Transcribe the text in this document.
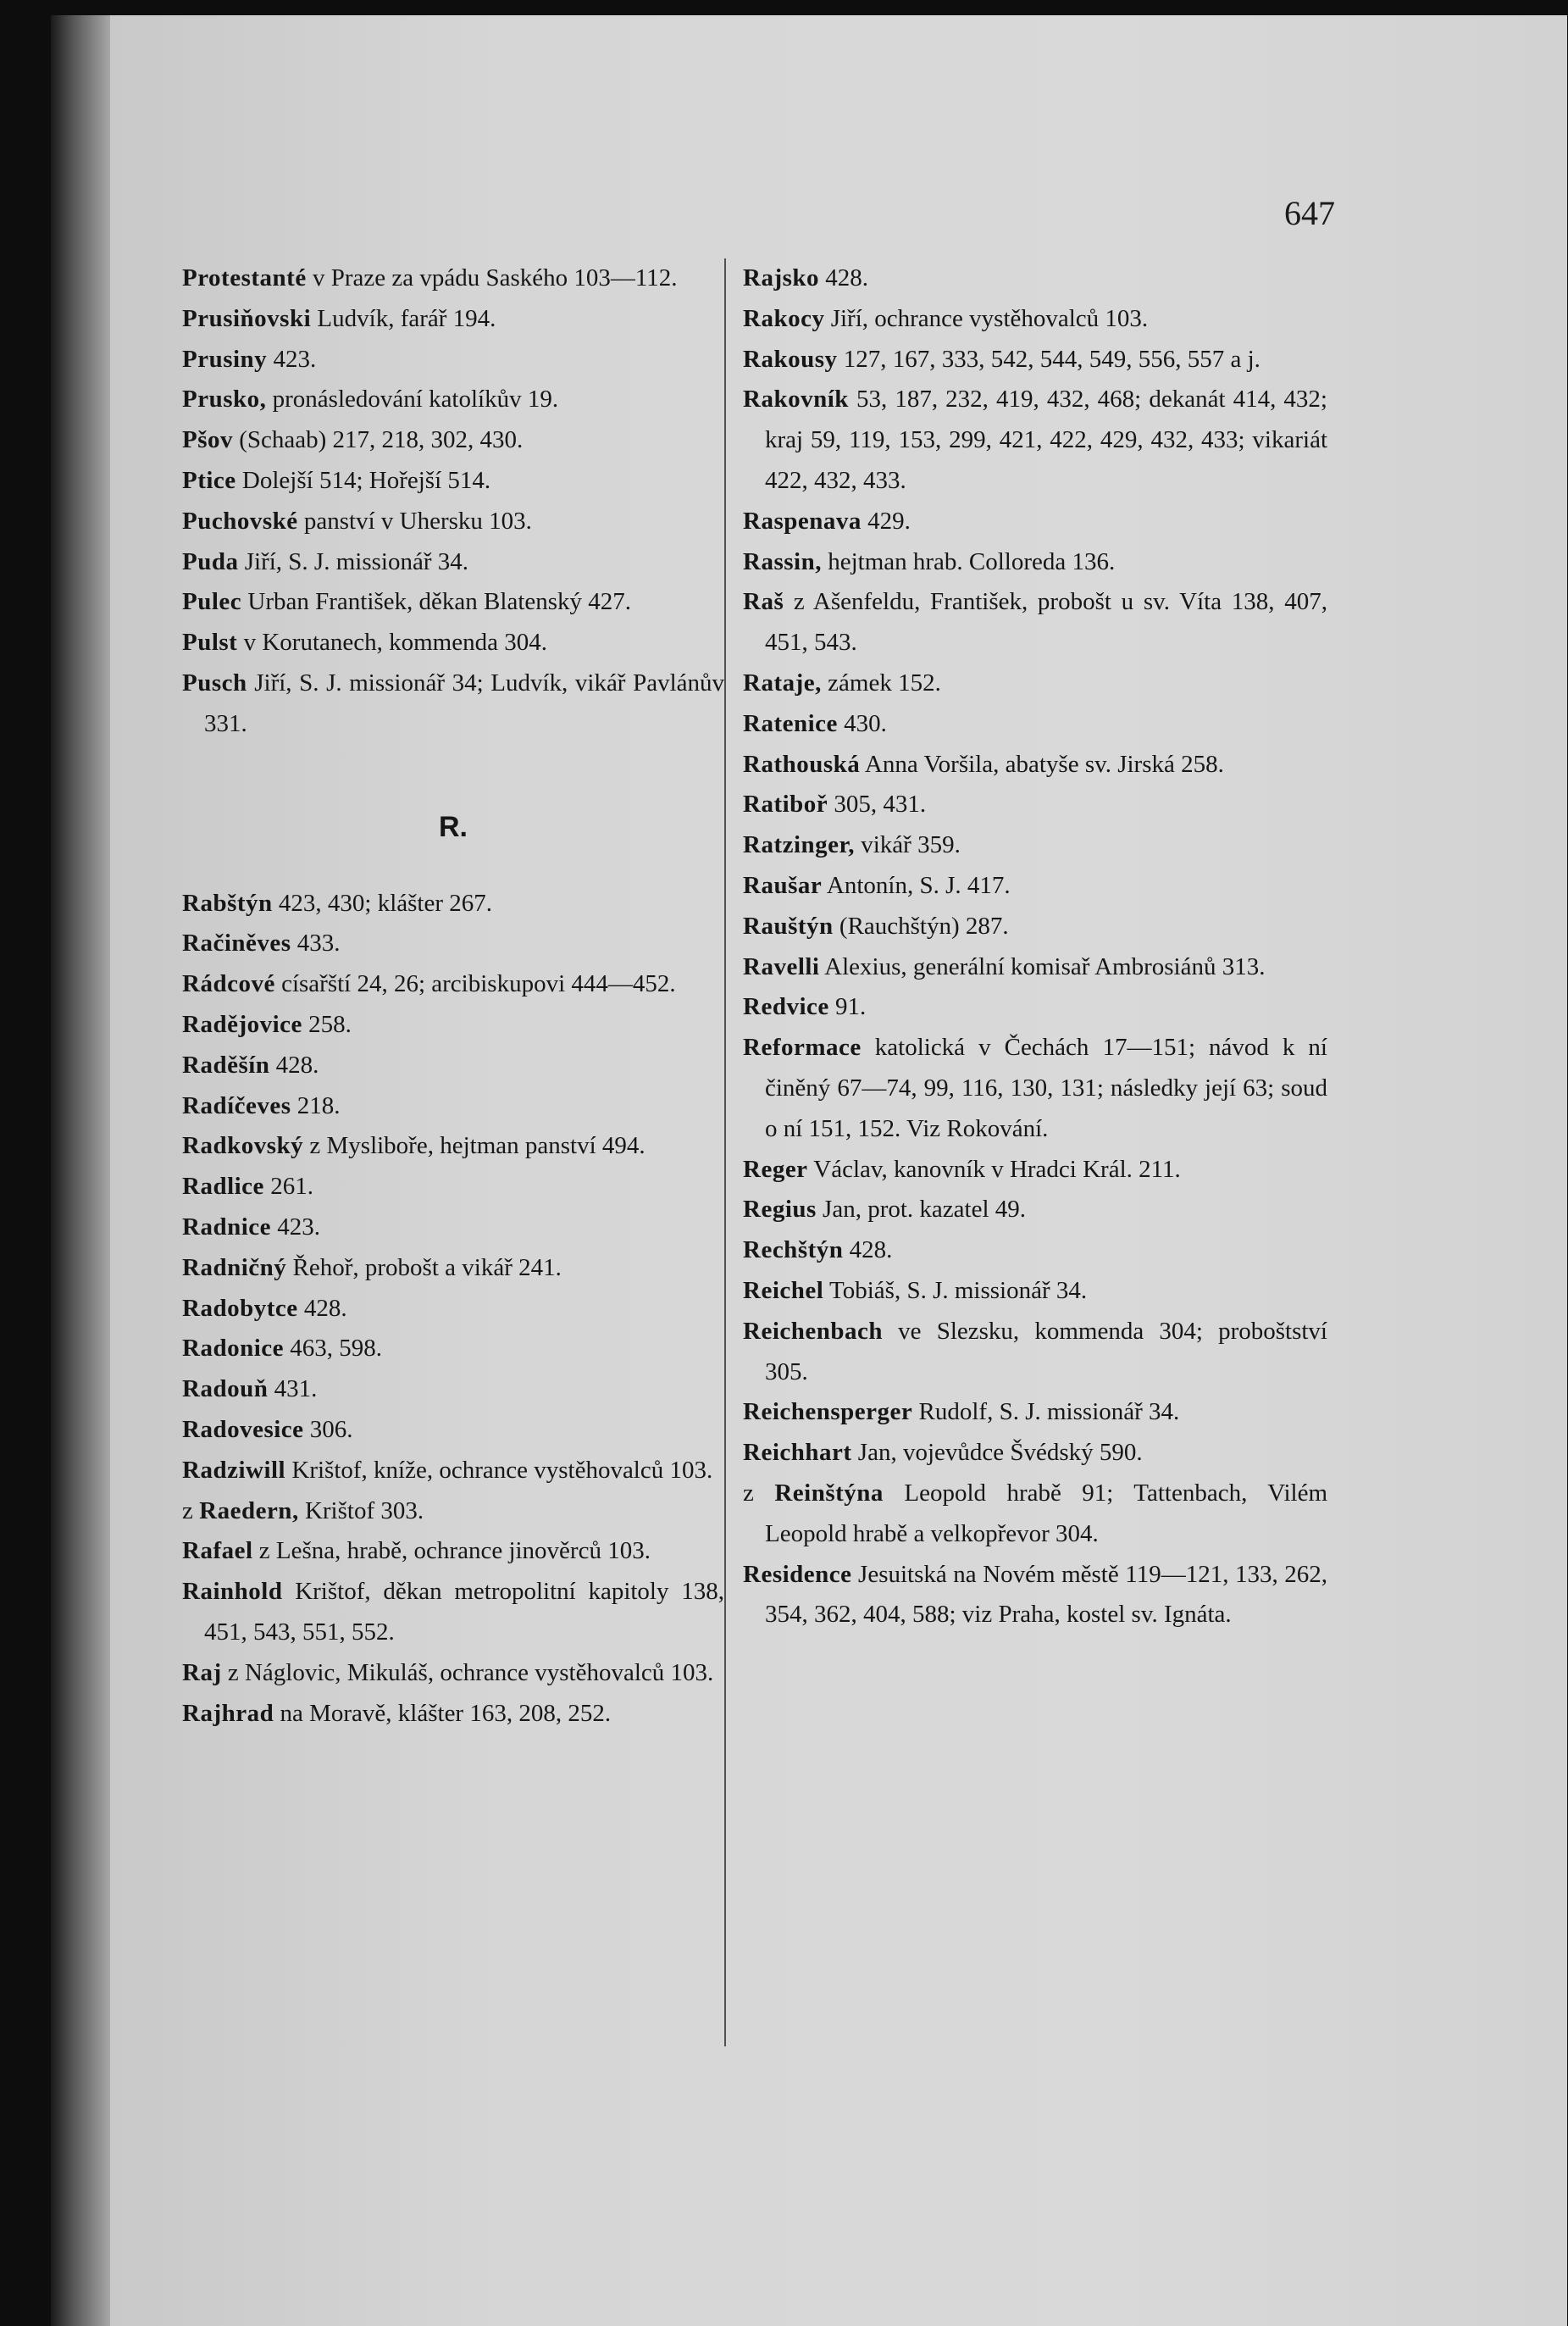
647

Protestanté v Praze za vpádu Saského 103—112.

Prusiňovski Ludvík, farář 194.

Prusiny 423.

Prusko, pronásledování katolíkův 19.

Pšov (Schaab) 217, 218, 302, 430.

Ptice Dolejší 514; Hořejší 514.

Puchovské panství v Uhersku 103.

Puda Jiří, S. J. missionář 34.

Pulec Urban František, děkan Blatenský 427.

Pulst v Korutanech, kommenda 304.

Pusch Jiří, S. J. missionář 34; Ludvík, vikář Pavlánův 331.

R.

Rabštýn 423, 430; klášter 267.

Račiněves 433.

Rádcové císařští 24, 26; arcibiskupovi 444—452.

Radějovice 258.

Raděšín 428.

Radíčeves 218.

Radkovský z Mysliboře, hejtman panství 494.

Radlice 261.

Radnice 423.

Radničný Řehoř, probošt a vikář 241.

Radobytce 428.

Radonice 463, 598.

Radouň 431.

Radovesice 306.

Radziwill Krištof, kníže, ochrance vystěhovalců 103.

z Raedern, Krištof 303.

Rafael z Lešna, hrabě, ochrance jinověrců 103.

Rainhold Krištof, děkan metropolitní kapitoly 138, 451, 543, 551, 552.

Raj z Náglovic, Mikuláš, ochrance vystěhovalců 103.

Rajhrad na Moravě, klášter 163, 208, 252.

Rajsko 428.

Rakocy Jiří, ochrance vystěhovalců 103.

Rakousy 127, 167, 333, 542, 544, 549, 556, 557 a j.

Rakovník 53, 187, 232, 419, 432, 468; dekanát 414, 432; kraj 59, 119, 153, 299, 421, 422, 429, 432, 433; vikariát 422, 432, 433.

Raspenava 429.

Rassin, hejtman hrab. Colloreda 136.

Raš z Ašenfeldu, František, probošt u sv. Víta 138, 407, 451, 543.

Rataje, zámek 152.

Ratenice 430.

Rathouská Anna Voršila, abatyše sv. Jirská 258.

Ratiboř 305, 431.

Ratzinger, vikář 359.

Raušar Antonín, S. J. 417.

Rauštýn (Rauchštýn) 287.

Ravelli Alexius, generální komisař Ambrosiánů 313.

Redvice 91.

Reformace katolická v Čechách 17—151; návod k ní činěný 67—74, 99, 116, 130, 131; následky její 63; soud o ní 151, 152. Viz Rokování.

Reger Václav, kanovník v Hradci Král. 211.

Regius Jan, prot. kazatel 49.

Rechštýn 428.

Reichel Tobiáš, S. J. missionář 34.

Reichenbach ve Slezsku, kommenda 304; proboštství 305.

Reichensperger Rudolf, S. J. missionář 34.

Reichhart Jan, vojevůdce Švédský 590.

z Reinštýna Leopold hrabě 91; Tattenbach, Vilém Leopold hrabě a velkopřevor 304.

Residence Jesuitská na Novém městě 119—121, 133, 262, 354, 362, 404, 588; viz Praha, kostel sv. Ignáta.
